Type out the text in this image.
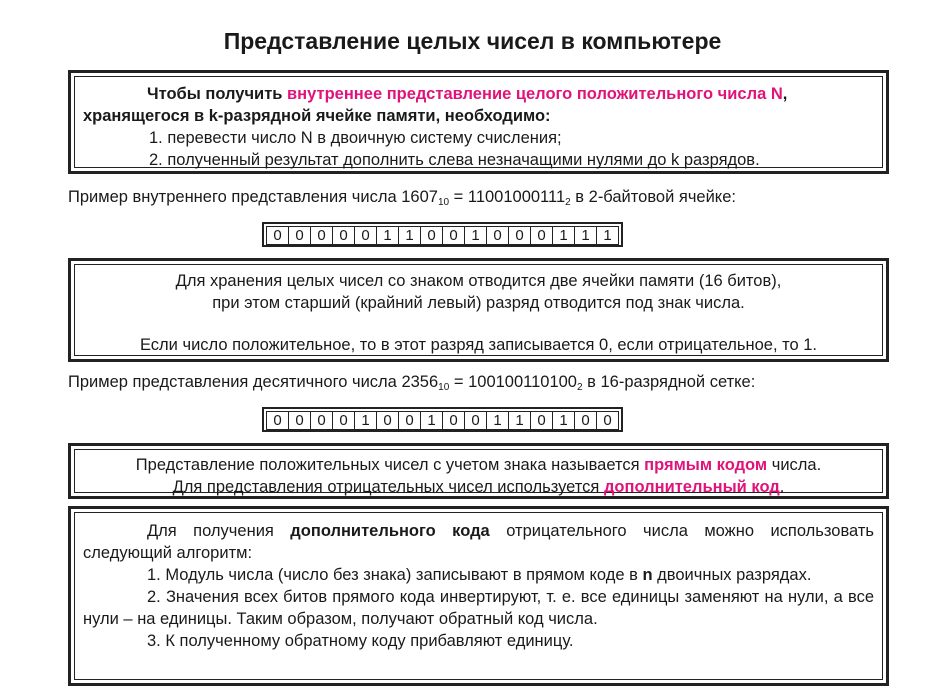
Представление целых чисел в компьютере
Чтобы получить внутреннее представление целого положительного числа N,
хранящегося в k-разрядной ячейке памяти, необходимо:
1. перевести число N в двоичную систему счисления;
2. полученный результат дополнить слева незначащими нулями до k разрядов.
Пример внутреннего представления числа $1607_{10} = 11001000111_2$ в 2-байтовой ячейке:
0 0 0 0 0 1 1 0 0 1 0 0 0 1 1 1
Для хранения целых чисел со знаком отводится две ячейки памяти (16 битов),
при этом старший (крайний левый) разряд отводится под знак числа.
Если число положительное, то в этот разряд записывается 0, если отрицательное, то 1.
Пример представления десятичного числа $2356_{10} = 100100110100_2$ в 16-разрядной сетке:
0 0 0 0 1 0 0 1 0 0 1 1 0 1 0 0
Представление положительных чисел с учетом знака называется прямым кодом числа.
Для представления отрицательных чисел используется дополнительный код.
Для получения дополнительного кода отрицательного числа можно использовать следующий алгоритм:
1. Модуль числа (число без знака) записывают в прямом коде в n двоичных разрядах.
2. Значения всех битов прямого кода инвертируют, т. е. все единицы заменяют на нули, а все нули – на единицы. Таким образом, получают обратный код числа.
3. К полученному обратному коду прибавляют единицу.
